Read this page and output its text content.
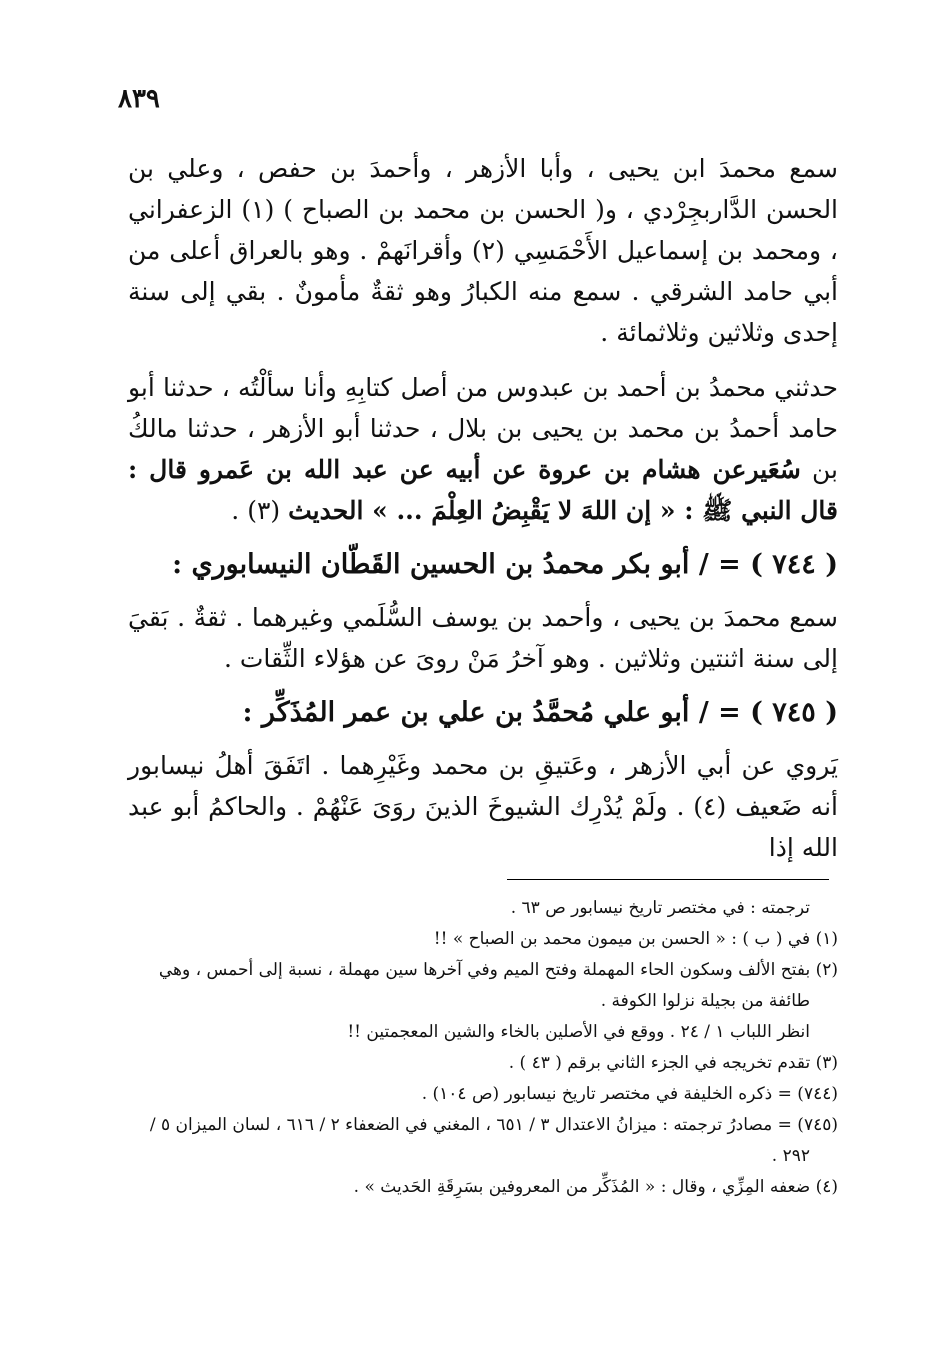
٨٣٩

سمع محمدَ ابن يحيى ، وأبا الأزهر ، وأحمدَ بن حفص ، وعلي بن الحسن الدَّاربجِرْدي ، و( الحسن بن محمد بن الصباح ) (١) الزعفراني ، ومحمد بن إسماعيل الأَحْمَسِي (٢) وأقرانَهمْ . وهو بالعراق أعلى من أبي حامد الشرقي . سمع منه الكبارُ وهو ثقةٌ مأمونٌ . بقي إلى سنة إحدى وثلاثين وثلاثمائة .

حدثني محمدُ بن أحمد بن عبدوس من أصل كتابِهِ وأنا سألْتُه ، حدثنا أبو حامد أحمدُ بن محمد بن يحيى بن بلال ، حدثنا أبو الأزهر ، حدثنا مالكُ بن سُعَيرعن هشام بن عروة عن أبيه عن عبد الله بن عَمرو قال : قال النبي ﷺ : « إن اللهَ لا يَقْبِضُ العِلْمَ ... » الحديث (٣) .

( ٧٤٤ ) = / أبو بكر محمدُ بن الحسين القَطّان النيسابوري :

سمع محمدَ بن يحيى ، وأحمد بن يوسف السُّلَمي وغيرهما . ثقةٌ . بَقيَ إلى سنة اثنتين وثلاثين . وهو آخرُ مَنْ روىَ عن هؤلاء الثِّقات .

( ٧٤٥ ) = / أبو علي مُحمَّدُ بن علي بن عمر المُذَكِّر :

يَروي عن أبي الأزهر ، وعَتيقِ بن محمد وغَيْرِهما . اتَفَقَ أهلُ نيسابور أنه ضَعيف (٤) . ولَمْ يُدْرِك الشيوخَ الذينَ روَىَ عَنْهُمْ . والحاكمُ أبو عبد الله إذا

ترجمته : في مختصر تاريخ نيسابور ص ٦٣ .

(١) في ( ب ) : « الحسن بن ميمون محمد بن الصباح » !!

(٢) بفتح الألف وسكون الحاء المهملة وفتح الميم وفي آخرها سين مهملة ، نسبة إلى أحمس ، وهي

طائفة من بجيلة نزلوا الكوفة .

انظر اللباب ١ / ٢٤ . ووقع في الأصلين بالخاء والشين المعجمتين !!

(٣) تقدم تخريجه في الجزء الثاني برقم ( ٤٣ ) .

(٧٤٤) = ذكره الخليفة في مختصر تاريخ نيسابور (ص ١٠٤) .

(٧٤٥) = مصادرُ ترجمته : ميزانُ الاعتدال ٣ / ٦٥١ ، المغني في الضعفاء ٢ / ٦١٦ ، لسان الميزان ٥ /

٢٩٢ .

(٤) ضعفه المِزِّي ، وقال : « المُذَكِّر من المعروفين بسَرِقَةِ الحَديث » .
